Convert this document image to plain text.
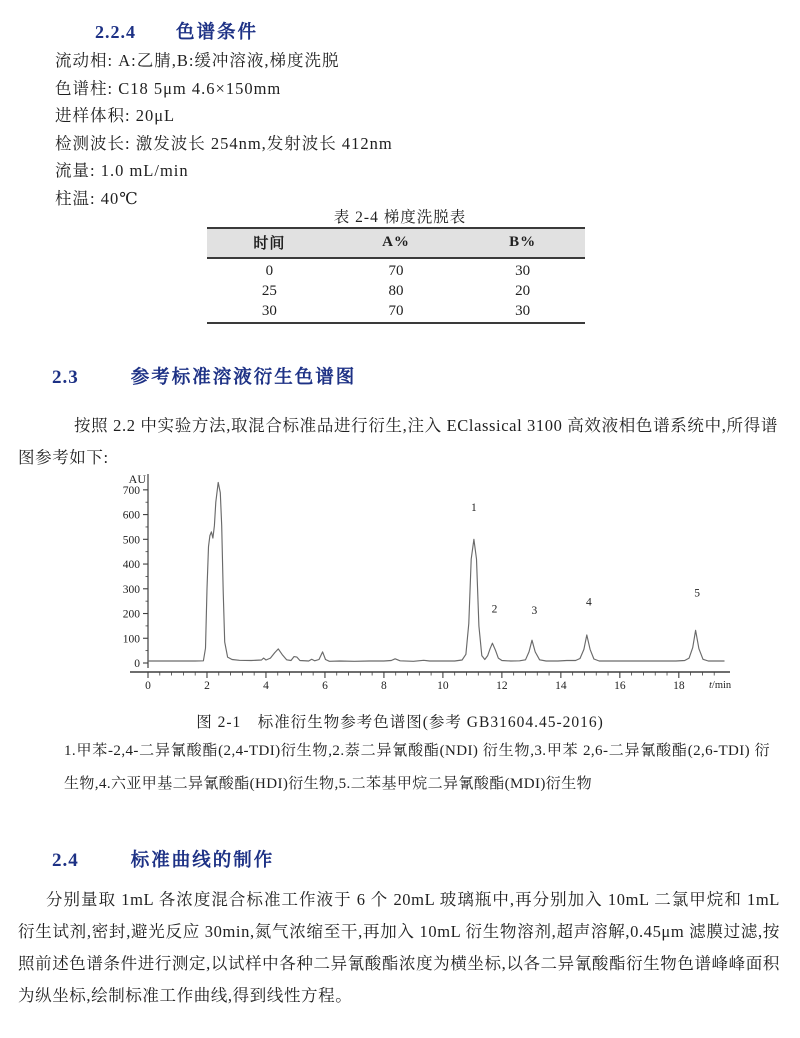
2.2.4 色谱条件
流动相: A:乙腈,B:缓冲溶液,梯度洗脱
色谱柱: C18 5μm 4.6×150mm
进样体积: 20μL
检测波长: 激发波长 254nm,发射波长 412nm
流量: 1.0 mL/min
柱温: 40℃
表 2-4 梯度洗脱表
时间	A%	B%
0	70	30
25	80	20
30	70	30
2.3	参考标准溶液衍生色谱图
按照 2.2 中实验方法,取混合标准品进行衍生,注入 EClassical 3100 高效液相色谱系统中,所得谱图参考如下:
0	2	4	6	8	10	12	14	16	18
0
100
200
300
400
500
600
700
AU
t/min
1
2	3
4
5
图 2-1　标准衍生物参考色谱图(参考 GB31604.45-2016)
1.甲苯-2,4-二异氰酸酯(2,4-TDI)衍生物,2.萘二异氰酸酯(NDI) 衍生物,3.甲苯 2,6-二异氰酸酯(2,6-TDI) 衍生物,4.六亚甲基二异氰酸酯(HDI)衍生物,5.二苯基甲烷二异氰酸酯(MDI)衍生物
2.4	标准曲线的制作
分别量取 1mL 各浓度混合标准工作液于 6 个 20mL 玻璃瓶中,再分别加入 10mL 二氯甲烷和 1mL 衍生试剂,密封,避光反应 30min,氮气浓缩至干,再加入 10mL 衍生物溶剂,超声溶解,0.45μm 滤膜过滤,按照前述色谱条件进行测定,以试样中各种二异氰酸酯浓度为横坐标,以各二异氰酸酯衍生物色谱峰峰面积为纵坐标,绘制标准工作曲线,得到线性方程。
